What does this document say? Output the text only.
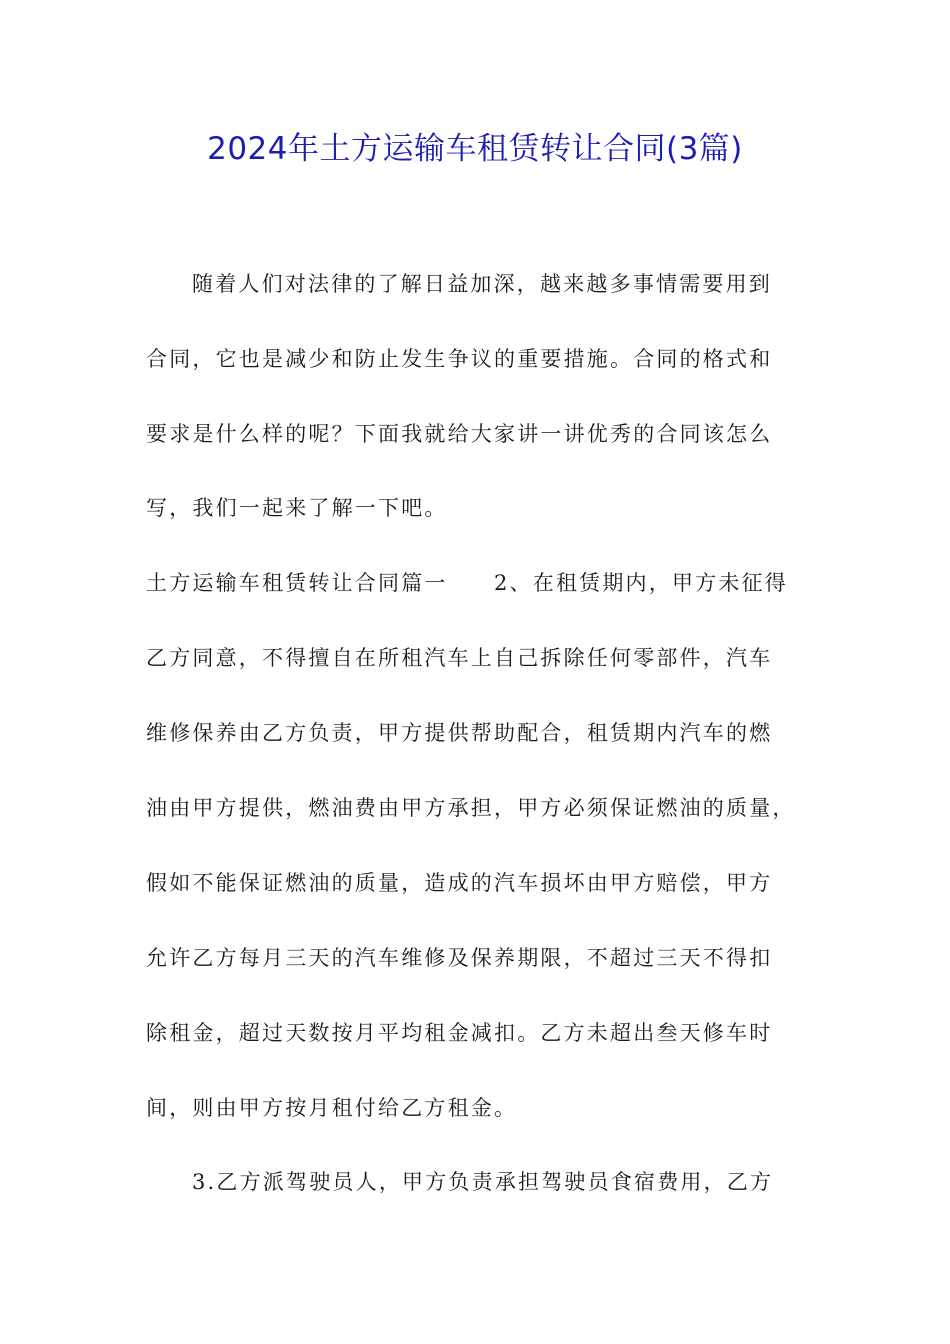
2024年土方运输车租赁转让合同(3篇)
随着人们对法律的了解日益加深，越来越多事情需要用到
合同，它也是减少和防止发生争议的重要措施。合同的格式和
要求是什么样的呢？下面我就给大家讲一讲优秀的合同该怎么
写，我们一起来了解一下吧。
土方运输车租赁转让合同篇一　　2、在租赁期内，甲方未征得
乙方同意，不得擅自在所租汽车上自己拆除任何零部件，汽车
维修保养由乙方负责，甲方提供帮助配合，租赁期内汽车的燃
油由甲方提供，燃油费由甲方承担，甲方必须保证燃油的质量，
假如不能保证燃油的质量，造成的汽车损坏由甲方赔偿，甲方
允许乙方每月三天的汽车维修及保养期限，不超过三天不得扣
除租金，超过天数按月平均租金减扣。乙方未超出叁天修车时
间，则由甲方按月租付给乙方租金。
3.乙方派驾驶员人，甲方负责承担驾驶员食宿费用，乙方
